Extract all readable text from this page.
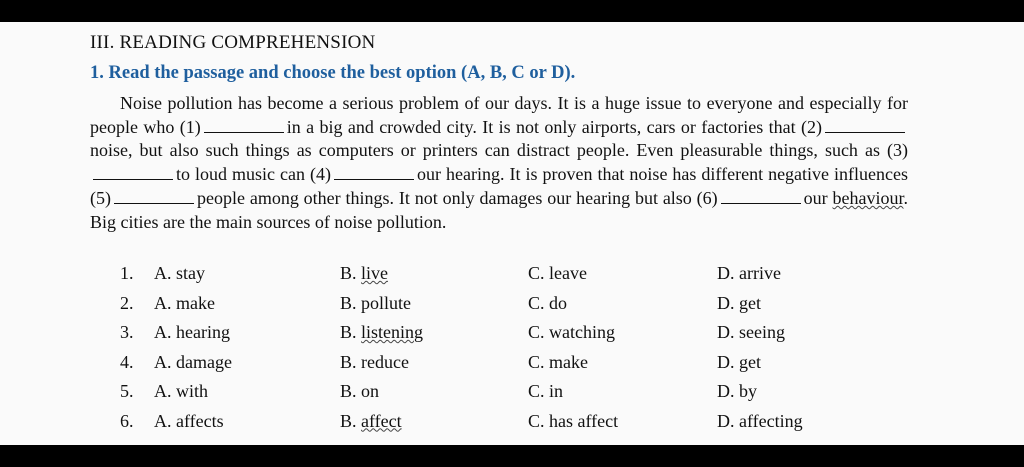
III. READING COMPREHENSION
1. Read the passage and choose the best option (A, B, C or D).
Noise pollution has become a serious problem of our days. It is a huge issue to everyone and especially for people who (1)	in a big and crowded city. It is not only airports, cars or factories that (2)noise, but also such things as computers or printers can distract people. Even pleasurable things, such as (3)to loud music can (4)	our hearing. It is proven that noise has different negative influences (5)	people among other things. It not only damages our hearing but also (6)	our behaviour. Big cities are the main sources of noise pollution.
1. A. stay	B. live	C. leave	D. arrive
2. A. make	B. pollute	C. do	D. get
3. A. hearing	B. listening	C. watching	D. seeing
4. A. damage	B. reduce	C. make	D. get
5. A. with	B. on	C. in	D. by
6. A. affects	B. affect	C. has affect	D. affecting
